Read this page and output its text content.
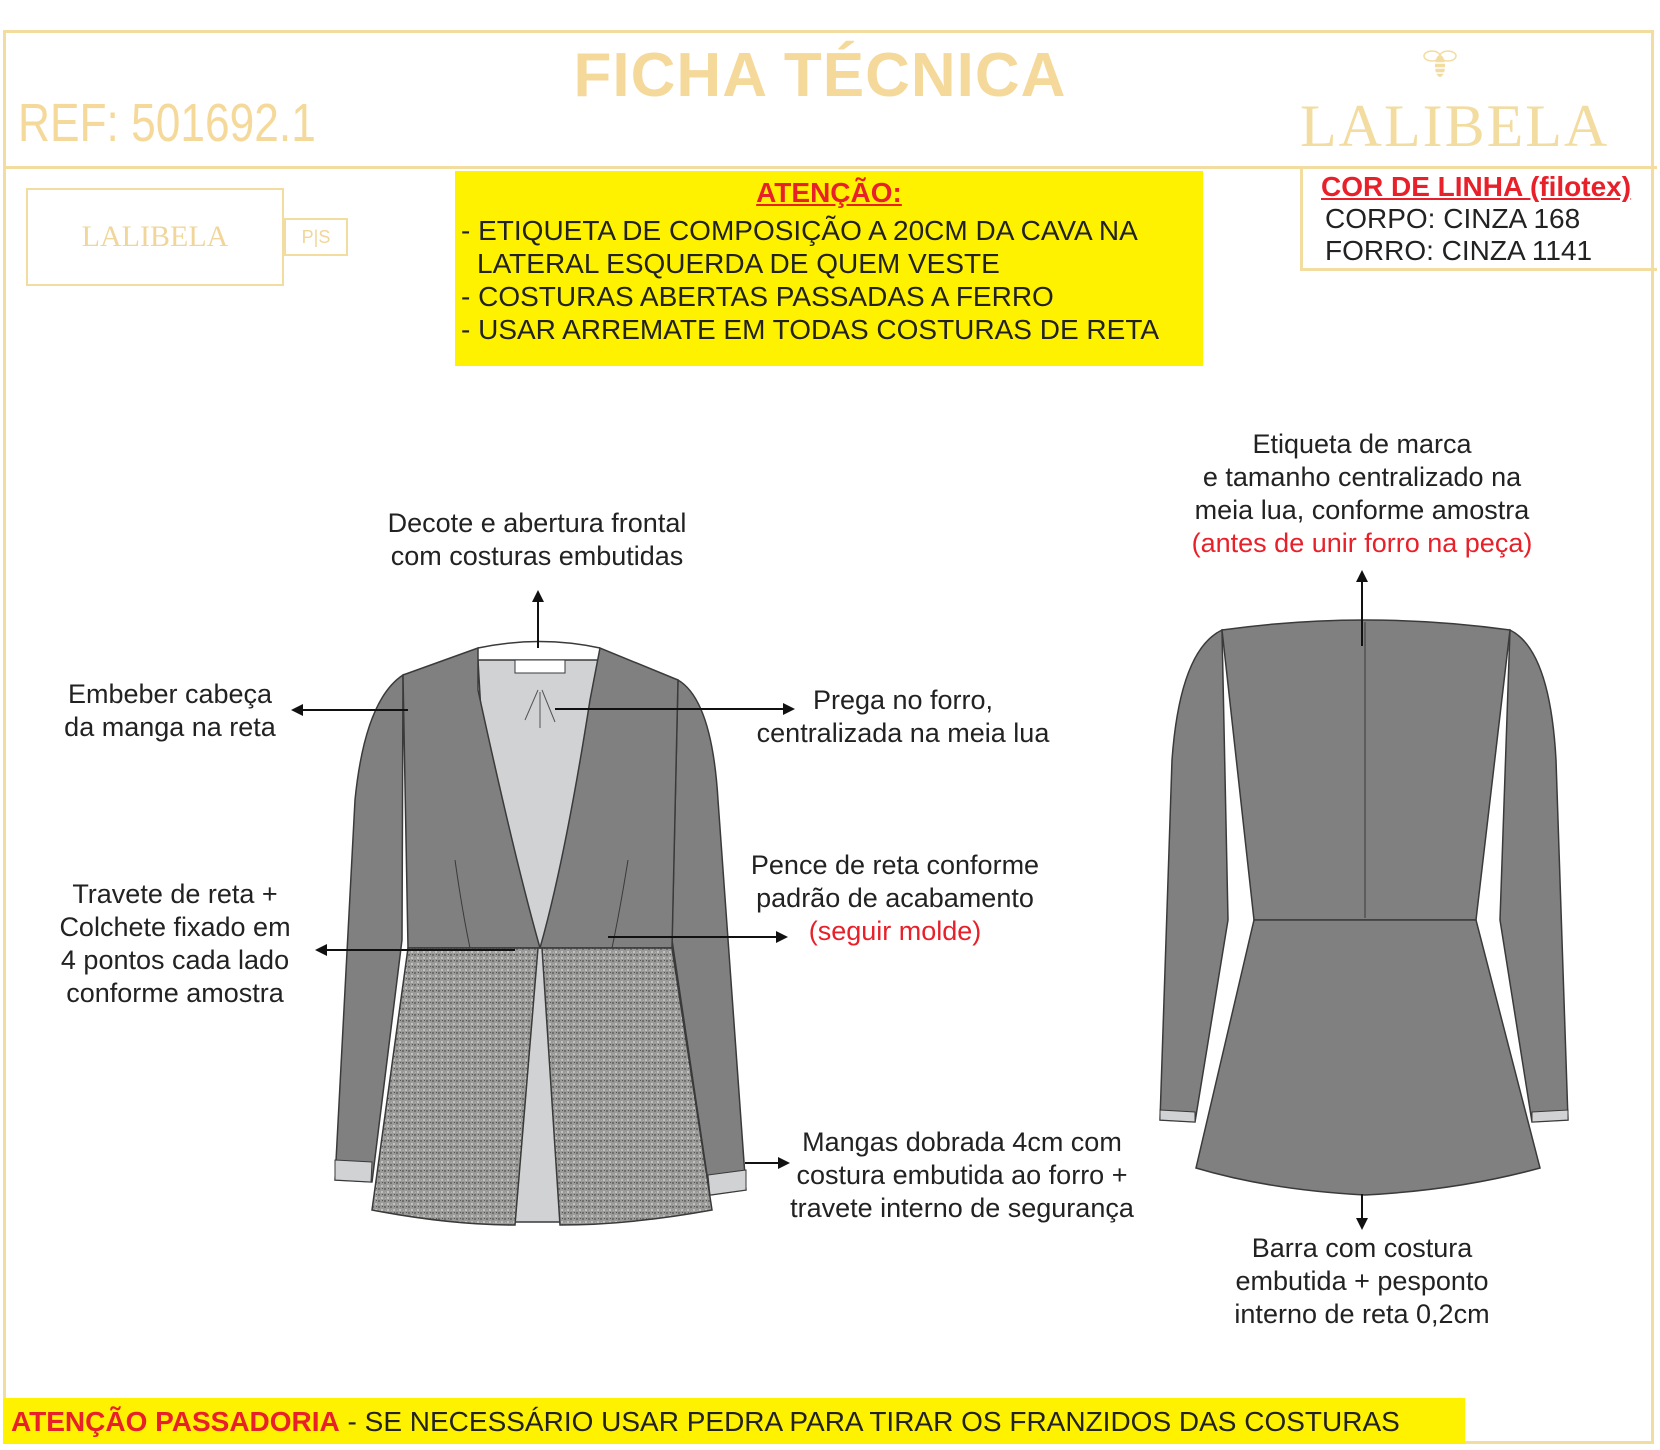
FICHA TÉCNICA
REF: 501692.1	LALIBELA
LALIBELA	P|S
ATENÇÃO:
- ETIQUETA DE COMPOSIÇÃO A 20CM DA CAVA NA
LATERAL ESQUERDA DE QUEM VESTE
- COSTURAS ABERTAS PASSADAS A FERRO
- USAR ARREMATE EM TODAS COSTURAS DE RETA
COR DE LINHA (filotex)
CORPO: CINZA 168
FORRO: CINZA 1141
Decote e abertura frontal
com costuras embutidas
Embeber cabeça
da manga na reta
Prega no forro,
centralizada na meia lua
Pence de reta conforme
padrão de acabamento
(seguir molde)
Travete de reta +
Colchete fixado em
4 pontos cada lado
conforme amostra
Mangas dobrada 4cm com
costura embutida ao forro +
travete interno de segurança
Etiqueta de marca
e tamanho centralizado na
meia lua, conforme amostra
(antes de unir forro na peça)
Barra com costura
embutida + pesponto
interno de reta 0,2cm
ATENÇÃO PASSADORIA - SE NECESSÁRIO USAR PEDRA PARA TIRAR OS FRANZIDOS DAS COSTURAS
